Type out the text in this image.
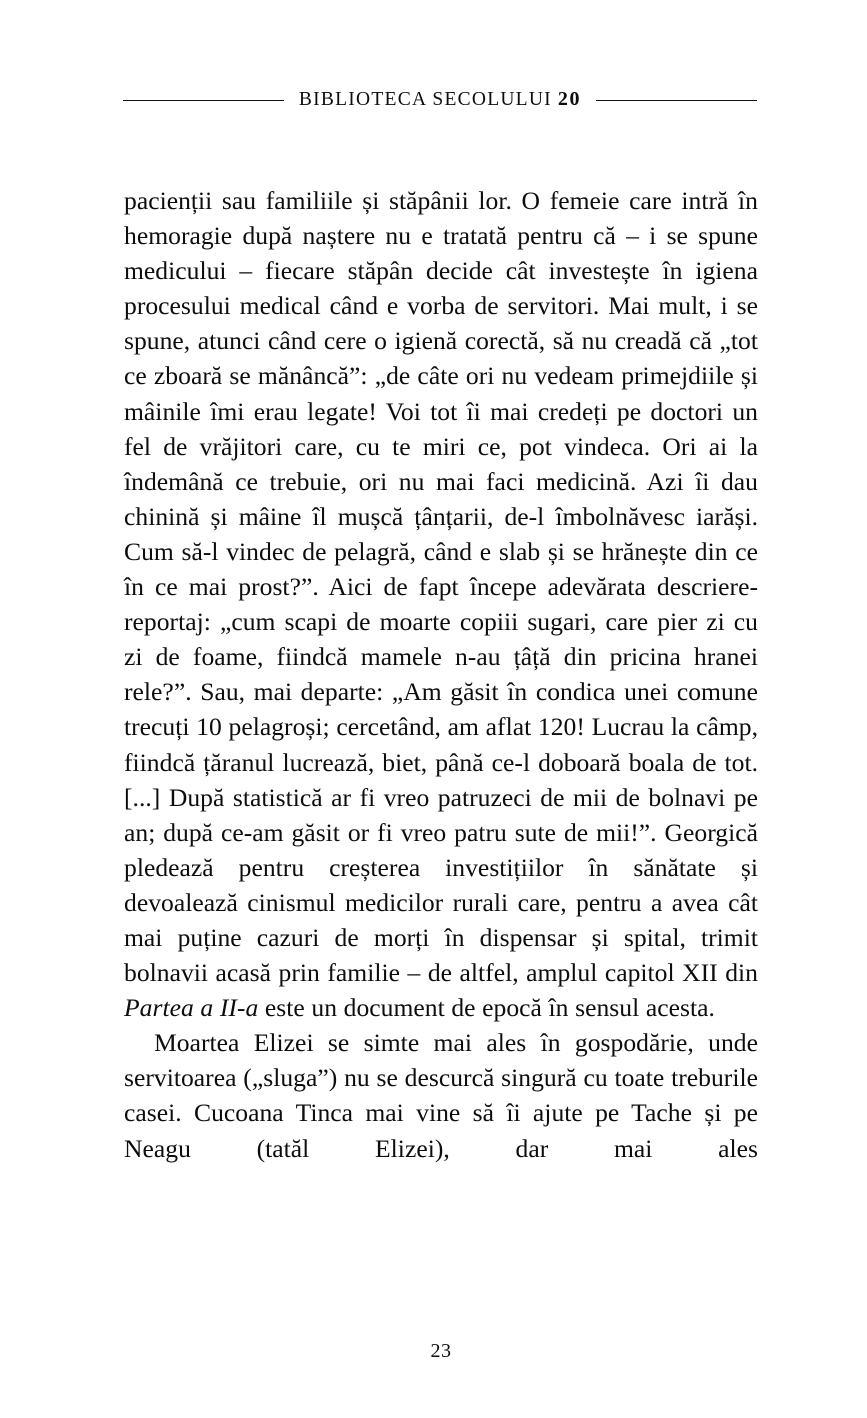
BIBLIOTECA SECOLULUI 20

pacienții sau familiile și stăpânii lor. O femeie care intră în hemoragie după naștere nu e tratată pentru că – i se spune medicului – fiecare stăpân decide cât investește în igiena procesului medical când e vorba de servitori. Mai mult, i se spune, atunci când cere o igienă corectă, să nu creadă că „tot ce zboară se mănâncă”: „de câte ori nu vedeam primejdiile și mâinile îmi erau legate! Voi tot îi mai credeți pe doctori un fel de vrăjitori care, cu te miri ce, pot vindeca. Ori ai la îndemână ce trebuie, ori nu mai faci medicină. Azi îi dau chinină și mâine îl mușcă țânțarii, de-l îmbolnăvesc iarăși. Cum să-l vindec de pelagră, când e slab și se hrănește din ce în ce mai prost?”. Aici de fapt începe adevărata descriere-reportaj: „cum scapi de moarte copiii sugari, care pier zi cu zi de foame, fiindcă mamele n-au țâță din pricina hranei rele?”. Sau, mai departe: „Am găsit în condica unei comune trecuți 10 pelagroși; cercetând, am aflat 120! Lucrau la câmp, fiindcă țăranul lucrează, biet, până ce-l doboară boala de tot. [...] După statistică ar fi vreo patruzeci de mii de bolnavi pe an; după ce-am găsit or fi vreo patru sute de mii!”. Georgică pledează pentru creșterea investițiilor în sănătate și devoalează cinismul medicilor rurali care, pentru a avea cât mai puține cazuri de morți în dispensar și spital, trimit bolnavii acasă prin familie – de altfel, amplul capitol XII din Partea a II-a este un document de epocă în sensul acesta.

Moartea Elizei se simte mai ales în gospodărie, unde servitoarea („sluga”) nu se descurcă singură cu toate treburile casei. Cucoana Tinca mai vine să îi ajute pe Tache și pe Neagu (tatăl Elizei), dar mai ales

23
